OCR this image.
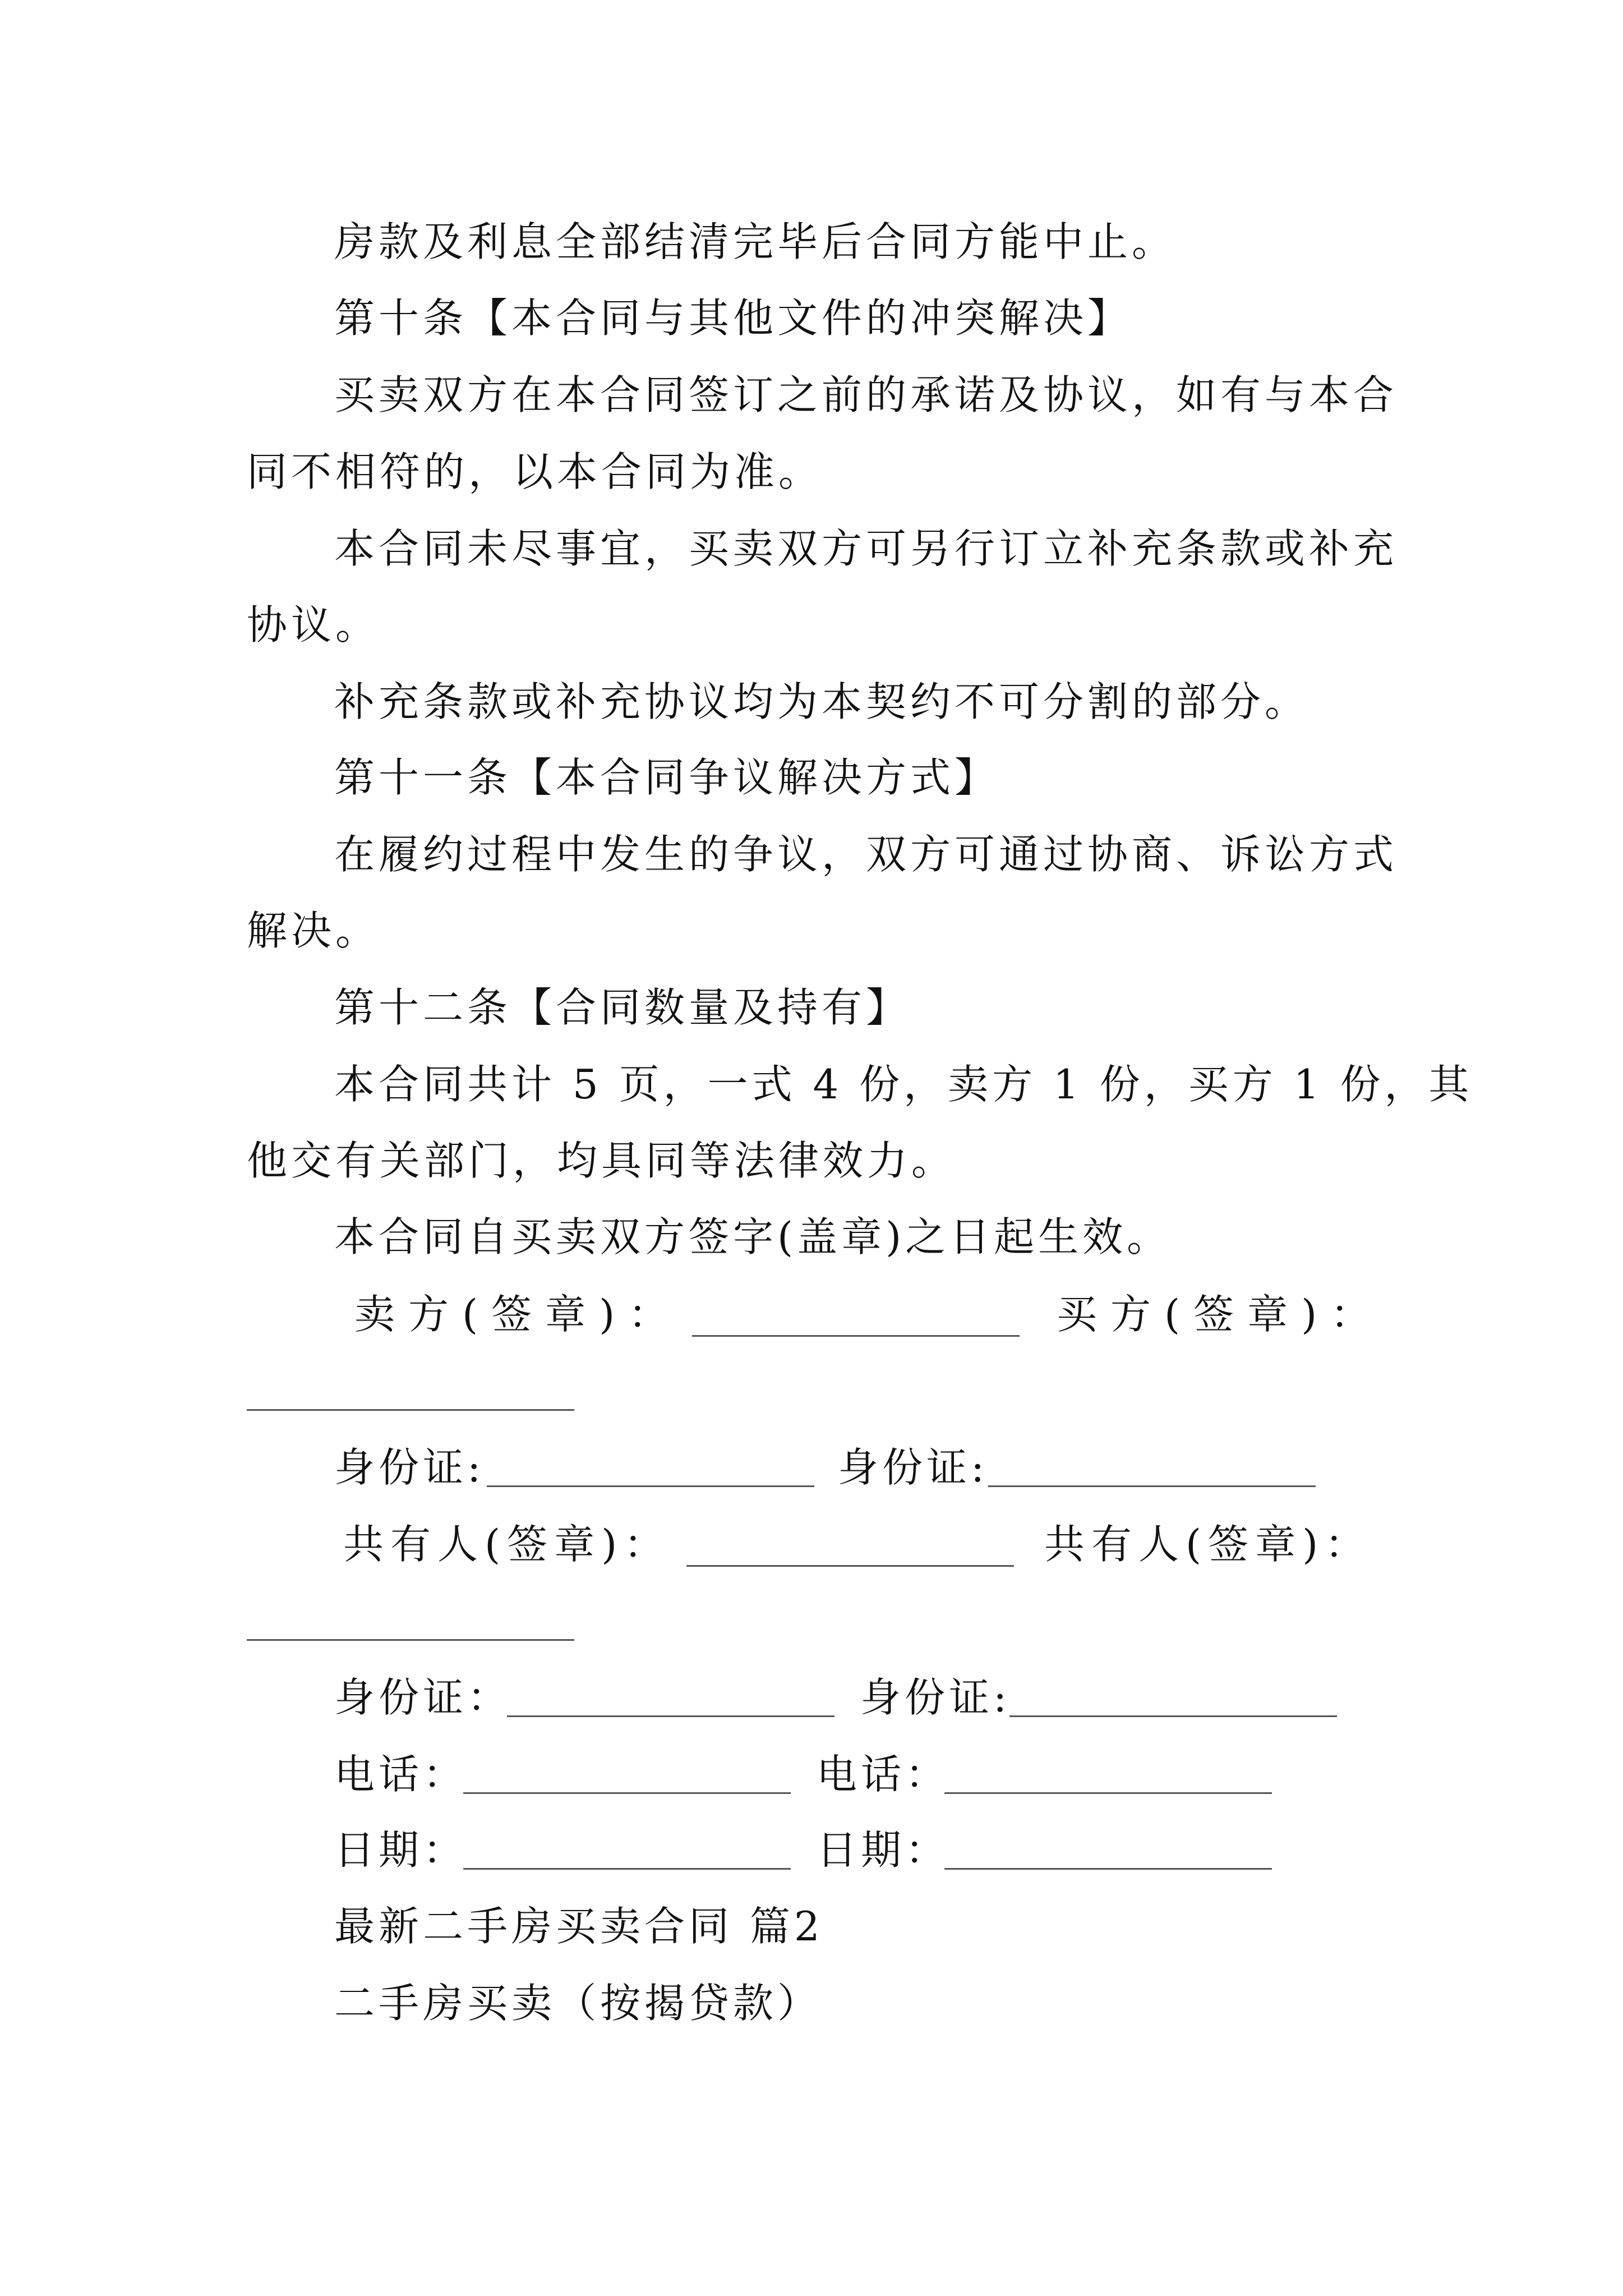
房款及利息全部结清完毕后合同方能中止。
第十条【本合同与其他文件的冲突解决】
买卖双方在本合同签订之前的承诺及协议，如有与本合
同不相符的，以本合同为准。
本合同未尽事宜，买卖双方可另行订立补充条款或补充
协议。
补充条款或补充协议均为本契约不可分割的部分。
第十一条【本合同争议解决方式】
在履约过程中发生的争议，双方可通过协商、诉讼方式
解决。
第十二条【合同数量及持有】
本合同共计 5 页，一式 4 份，卖方 1 份，买方 1 份，其
他交有关部门，均具同等法律效力。
本合同自买卖双方签字(盖章)之日起生效。
卖方(签章)：	买方(签章)：
身份证:	身份证:
共有人(签章)：	共有人(签章)：
身份证：	身份证:
电话：	电话：
日期：	日期：
最新二手房买卖合同 篇2
二手房买卖（按揭贷款）
